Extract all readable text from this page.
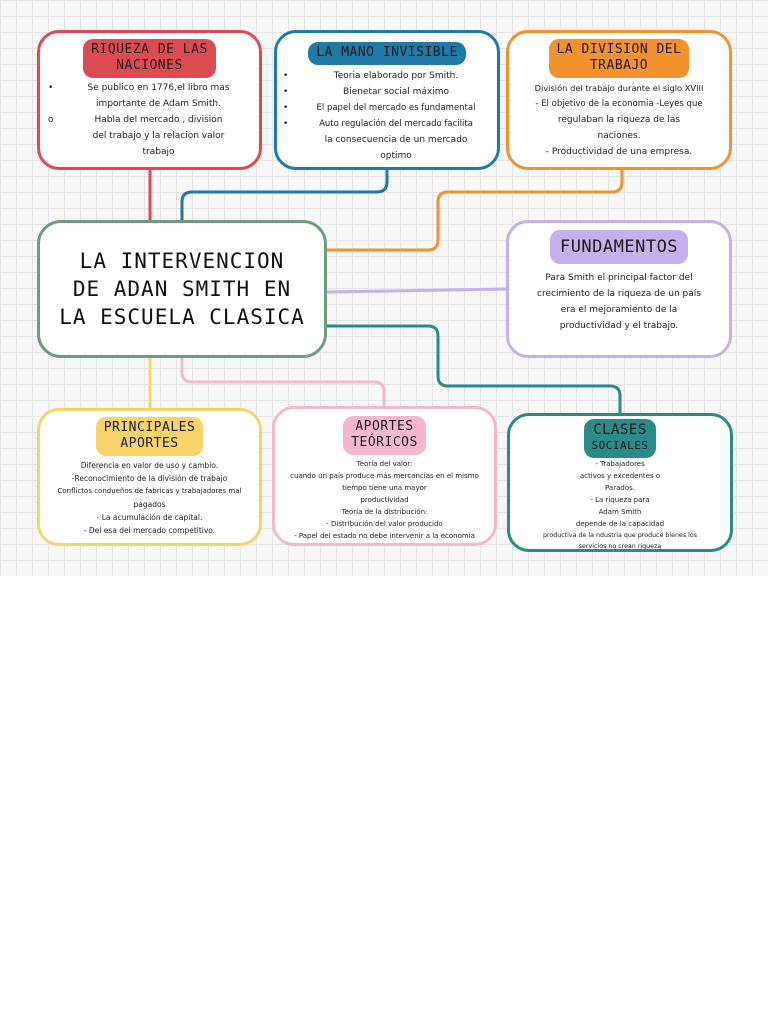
RIQUEZA DE LAS
NACIONES
•	Se publico en 1776,el libro mas
importante de Adam Smith.
o	Habla del mercado , división
del trabajo y la relacion valor
trabajo
LA MANO INVISIBLE
•	Teoria elaborado por Smith.
•	Bienetar social máximo
•	El papel del mercado es fundamental
•	Auto regulación del mercado facilita
la consecuencia de un mercado
optimo
LA DIVISION DEL
TRABAJO
División del trabajo durante el siglo XVIII
- El objetivo de la economia -Leyes que
regulaban la riqueza de las
naciones.
- Productividad de una empresa.
LA INTERVENCION
DE ADAN SMITH EN
LA ESCUELA CLASICA
FUNDAMENTOS
Para Smith el principal factor del
crecimiento de la riqueza de un país
era el mejoramiento de la
productividad y el trabajo.
PRINCIPALES
APORTES
Diferencia en valor de uso y cambio.
-Reconocimiento de la división de trabajo
Conflictos condueños de fabricas y trabajadores mal
pagados
- La acumulación de capital.
- Del esa del mercado competitivo.
APORTES
TEÓRICOS
Teoría del valor:
cuando un país produce más mercancías en el mismo
tiempo tiene una mayor
productividad
Teoría de la distribución:
- Distribución del valor producido
- Papel del estado no debe intervenir a la economia
CLASES
SOCIALES
- Trabajadores
activos y excedentes o
Parados.
- La riqueza para
Adam Smith
depende de la capacidad
productiva de la ndustria que produce bienes los
servicios no crean riqueza
